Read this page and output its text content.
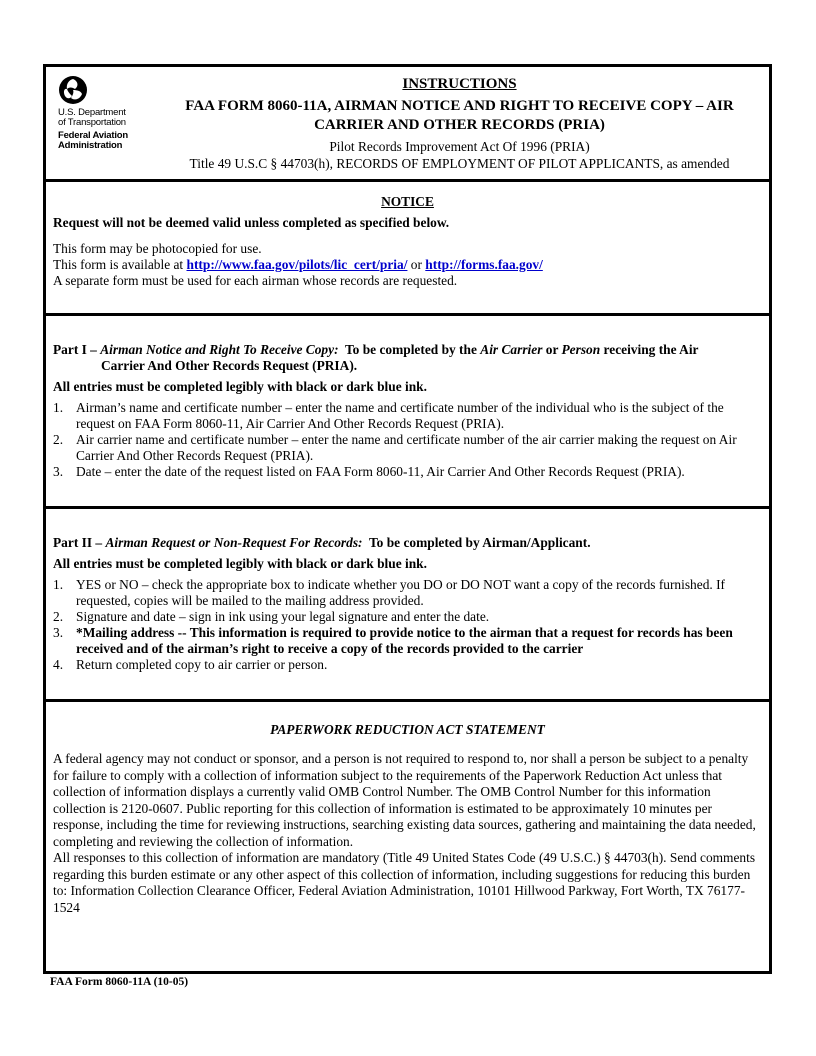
U.S. Department
of Transportation
Federal Aviation
Administration
INSTRUCTIONS
FAA FORM 8060-11A, AIRMAN NOTICE AND RIGHT TO RECEIVE COPY – AIR CARRIER AND OTHER RECORDS (PRIA)
Pilot Records Improvement Act Of 1996 (PRIA)
Title 49 U.S.C § 44703(h), RECORDS OF EMPLOYMENT OF PILOT APPLICANTS, as amended
NOTICE
Request will not be deemed valid unless completed as specified below.
This form may be photocopied for use.
This form is available at http://www.faa.gov/pilots/lic_cert/pria/ or http://forms.faa.gov/
A separate form must be used for each airman whose records are requested.
Part I – Airman Notice and Right To Receive Copy:  To be completed by the Air Carrier or Person receiving the Air
Carrier And Other Records Request (PRIA).
All entries must be completed legibly with black or dark blue ink.
1. Airman’s name and certificate number – enter the name and certificate number of the individual who is the subject of the request on FAA Form 8060-11, Air Carrier And Other Records Request (PRIA).
2. Air carrier name and certificate number – enter the name and certificate number of the air carrier making the request on Air Carrier And Other Records Request (PRIA).
3. Date – enter the date of the request listed on FAA Form 8060-11, Air Carrier And Other Records Request (PRIA).
Part II – Airman Request or Non-Request For Records:  To be completed by Airman/Applicant.
All entries must be completed legibly with black or dark blue ink.
1. YES or NO – check the appropriate box to indicate whether you DO or DO NOT want a copy of the records furnished. If requested, copies will be mailed to the mailing address provided.
2. Signature and date – sign in ink using your legal signature and enter the date.
3. *Mailing address -- This information is required to provide notice to the airman that a request for records has been received and of the airman’s right to receive a copy of the records provided to the carrier
4. Return completed copy to air carrier or person.
PAPERWORK REDUCTION ACT STATEMENT
A federal agency may not conduct or sponsor, and a person is not required to respond to, nor shall a person be subject to a penalty for failure to comply with a collection of information subject to the requirements of the Paperwork Reduction Act unless that collection of information displays a currently valid OMB Control Number. The OMB Control Number for this information collection is 2120-0607. Public reporting for this collection of information is estimated to be approximately 10 minutes per response, including the time for reviewing instructions, searching existing data sources, gathering and maintaining the data needed, completing and reviewing the collection of information.
All responses to this collection of information are mandatory (Title 49 United States Code (49 U.S.C.) § 44703(h). Send comments regarding this burden estimate or any other aspect of this collection of information, including suggestions for reducing this burden to: Information Collection Clearance Officer, Federal Aviation Administration, 10101 Hillwood Parkway, Fort Worth, TX 76177-1524
FAA Form 8060-11A (10-05)
